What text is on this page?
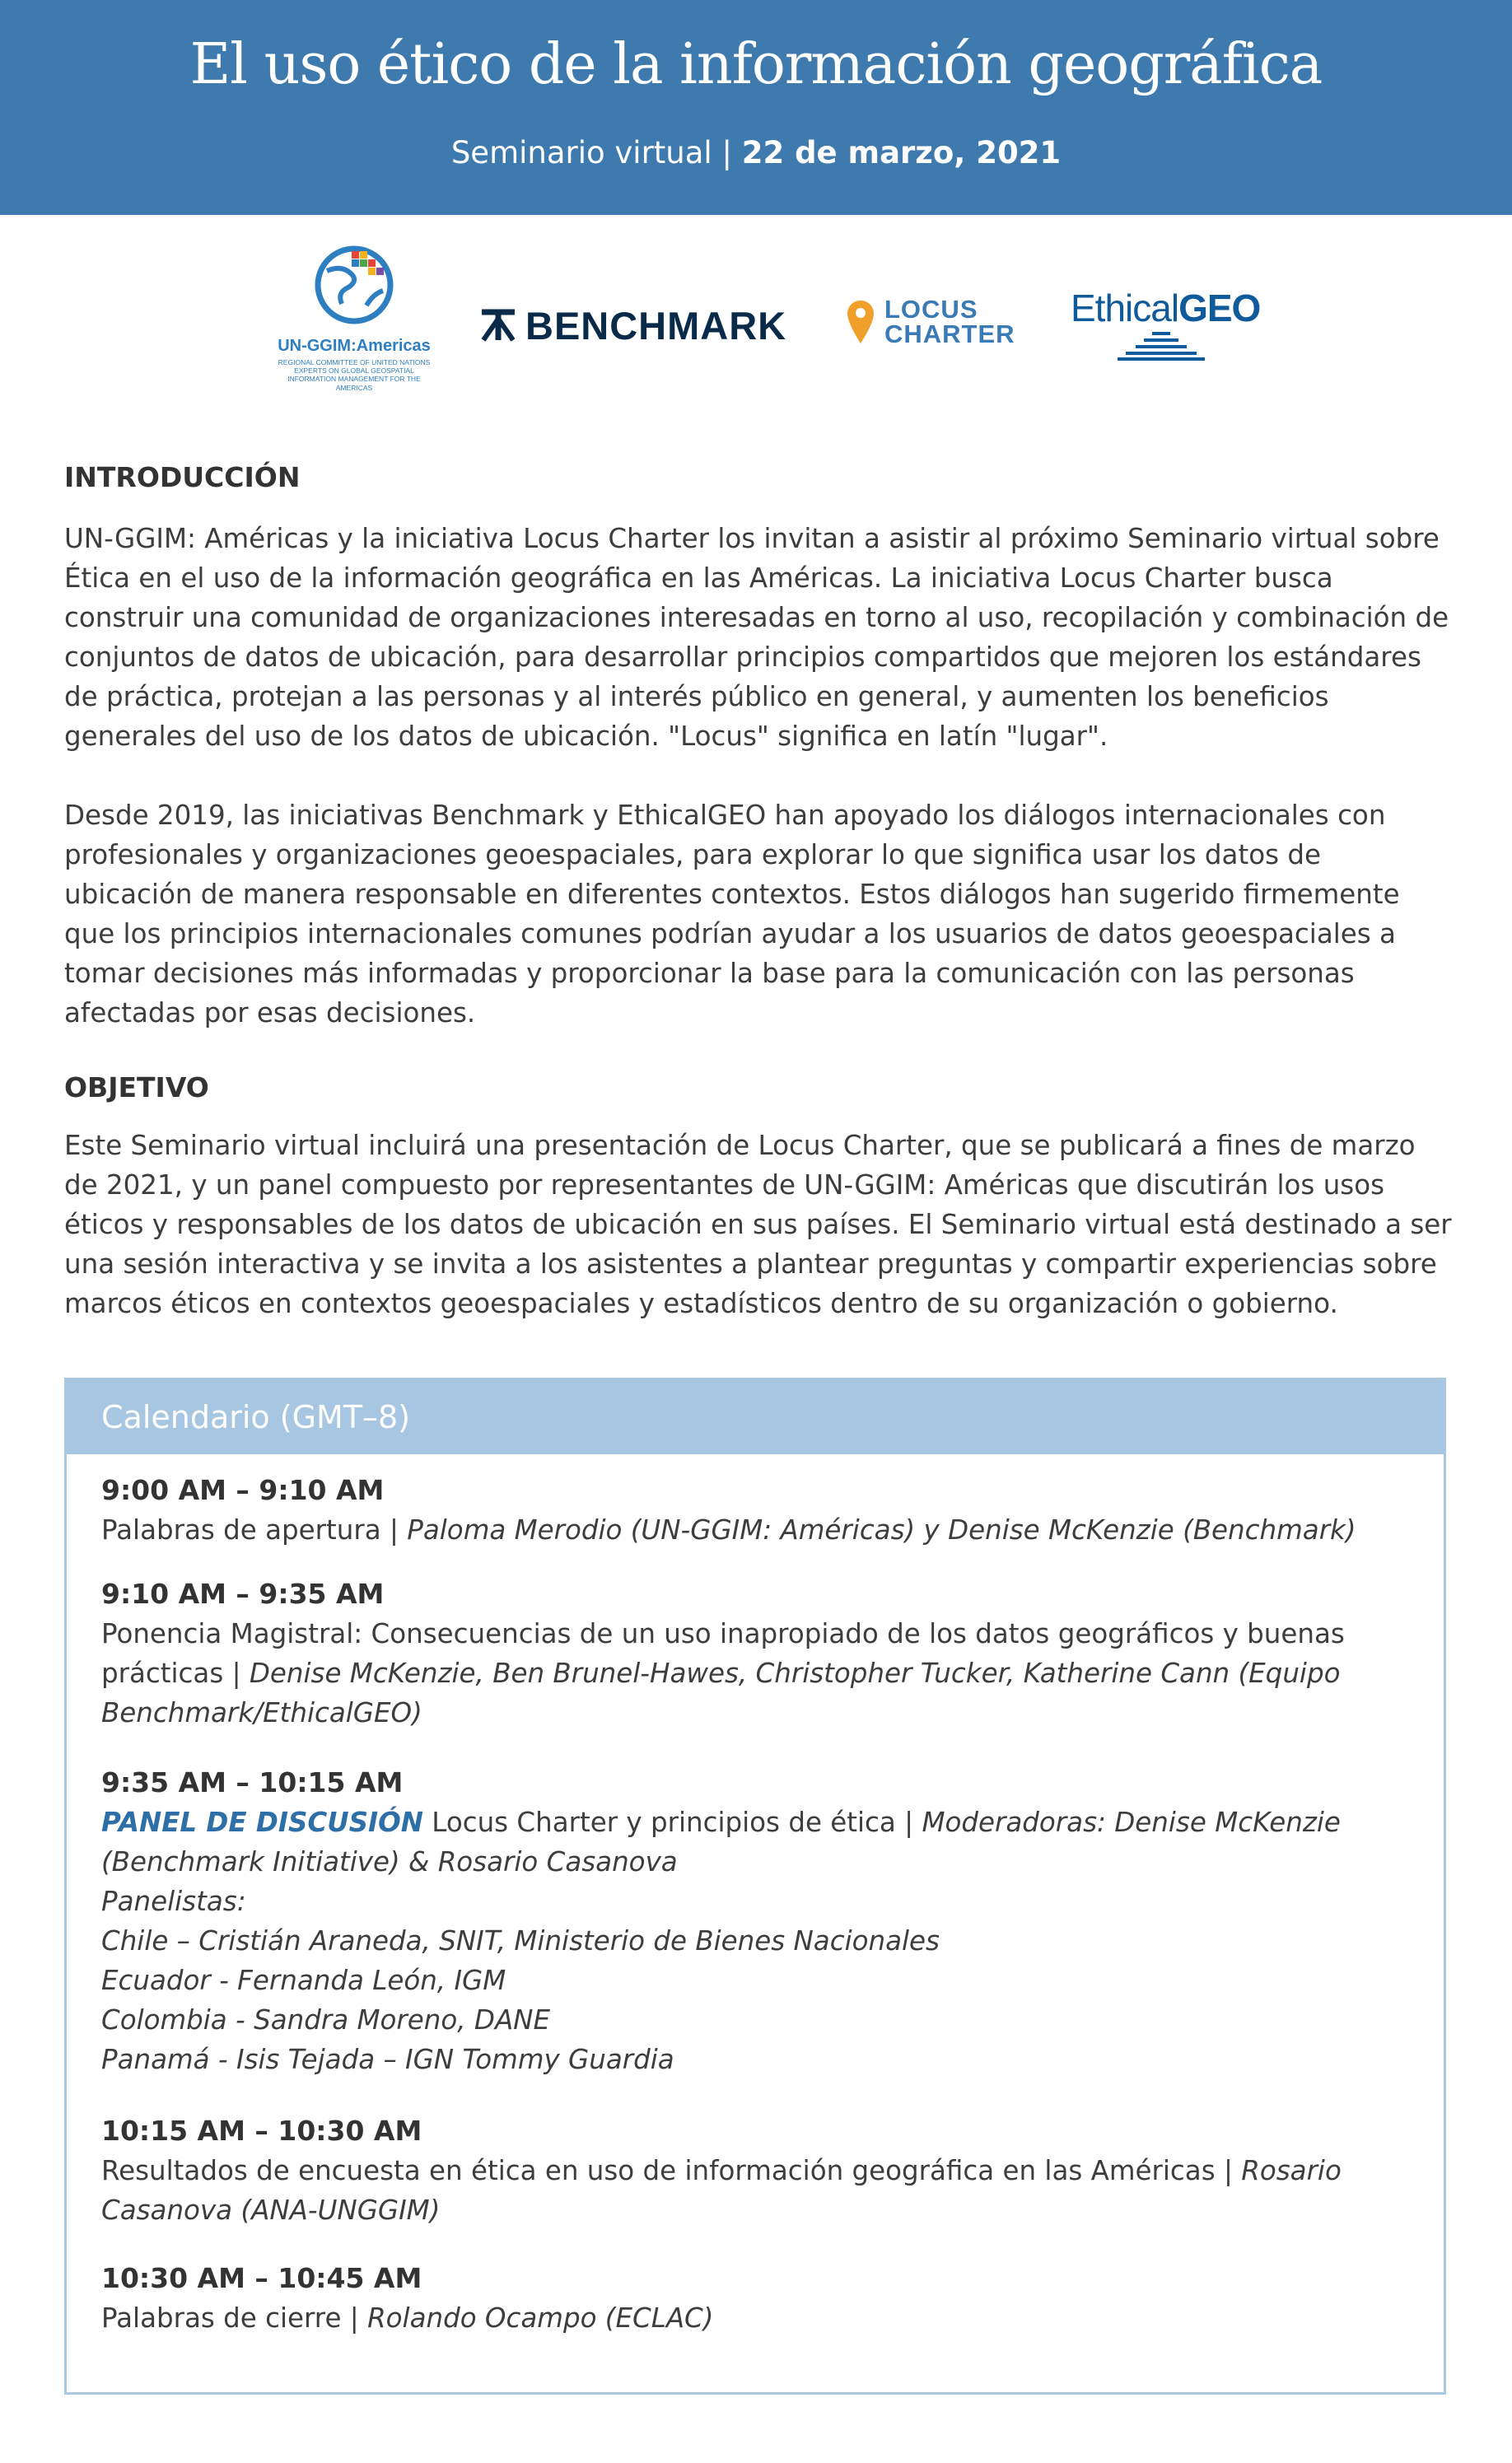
El uso ético de la información geográfica
Seminario virtual | 22 de marzo, 2021
UN-GGIM:Americas
REGIONAL COMMITTEE OF UNITED NATIONS EXPERTS ON GLOBAL GEOSPATIAL INFORMATION MANAGEMENT FOR THE AMERICAS
BENCHMARK	LOCUS
CHARTER
EthicalGEO
INTRODUCCIÓN

UN-GGIM: Américas y la iniciativa Locus Charter los invitan a asistir al próximo Seminario virtual sobre Ética en el uso de la información geográfica en las Américas. La iniciativa Locus Charter busca construir una comunidad de organizaciones interesadas en torno al uso, recopilación y combinación de conjuntos de datos de ubicación, para desarrollar principios compartidos que mejoren los estándares de práctica, protejan a las personas y al interés público en general, y aumenten los beneficios generales del uso de los datos de ubicación. "Locus" significa en latín "lugar".

Desde 2019, las iniciativas Benchmark y EthicalGEO han apoyado los diálogos internacionales con profesionales y organizaciones geoespaciales, para explorar lo que significa usar los datos de ubicación de manera responsable en diferentes contextos. Estos diálogos han sugerido firmemente que los principios internacionales comunes podrían ayudar a los usuarios de datos geoespaciales a tomar decisiones más informadas y proporcionar la base para la comunicación con las personas afectadas por esas decisiones.

OBJETIVO

Este Seminario virtual incluirá una presentación de Locus Charter, que se publicará a fines de marzo de 2021, y un panel compuesto por representantes de UN-GGIM: Américas que discutirán los usos éticos y responsables de los datos de ubicación en sus países. El Seminario virtual está destinado a ser una sesión interactiva y se invita a los asistentes a plantear preguntas y compartir experiencias sobre marcos éticos en contextos geoespaciales y estadísticos dentro de su organización o gobierno.

Calendario (GMT–8)
9:00 AM – 9:10 AM
Palabras de apertura | Paloma Merodio (UN-GGIM: Américas) y Denise McKenzie (Benchmark)
9:10 AM – 9:35 AM
Ponencia Magistral: Consecuencias de un uso inapropiado de los datos geográficos y buenas prácticas | Denise McKenzie, Ben Brunel-Hawes, Christopher Tucker, Katherine Cann (Equipo Benchmark/EthicalGEO)
9:35 AM – 10:15 AM
PANEL DE DISCUSIÓN Locus Charter y principios de ética | Moderadoras: Denise McKenzie (Benchmark Initiative) & Rosario Casanova
Panelistas:
Chile – Cristián Araneda, SNIT, Ministerio de Bienes Nacionales
Ecuador - Fernanda León, IGM
Colombia - Sandra Moreno, DANE
Panamá - Isis Tejada – IGN Tommy Guardia
10:15 AM – 10:30 AM
Resultados de encuesta en ética en uso de información geográfica en las Américas | Rosario Casanova (ANA-UNGGIM)
10:30 AM – 10:45 AM
Palabras de cierre | Rolando Ocampo (ECLAC)
